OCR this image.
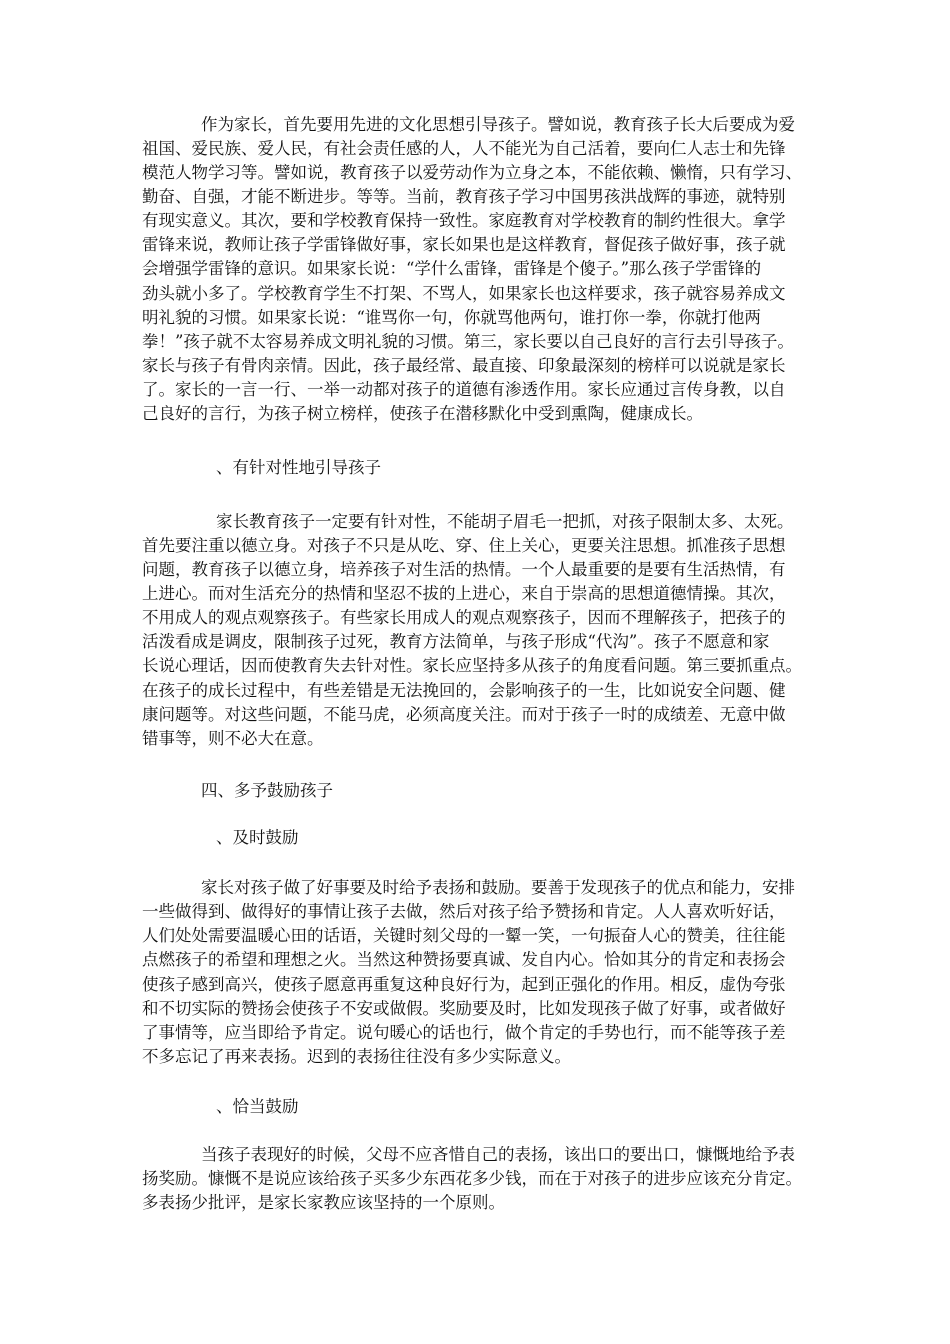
作为家长，首先要用先进的文化思想引导孩子。譬如说，教育孩子长大后要成为爱
祖国、爱民族、爱人民，有社会责任感的人，人不能光为自己活着，要向仁人志士和先锋
模范人物学习等。譬如说，教育孩子以爱劳动作为立身之本，不能依赖、懒惰，只有学习、
勤奋、自强，才能不断进步。等等。当前，教育孩子学习中国男孩洪战辉的事迹，就特别
有现实意义。其次，要和学校教育保持一致性。家庭教育对学校教育的制约性很大。拿学
雷锋来说，教师让孩子学雷锋做好事，家长如果也是这样教育，督促孩子做好事，孩子就
会增强学雷锋的意识。如果家长说：“学什么雷锋，雷锋是个傻子。”那么孩子学雷锋的
劲头就小多了。学校教育学生不打架、不骂人，如果家长也这样要求，孩子就容易养成文
明礼貌的习惯。如果家长说：“谁骂你一句，你就骂他两句，谁打你一拳，你就打他两
拳！”孩子就不太容易养成文明礼貌的习惯。第三，家长要以自己良好的言行去引导孩子。
家长与孩子有骨肉亲情。因此，孩子最经常、最直接、印象最深刻的榜样可以说就是家长
了。家长的一言一行、一举一动都对孩子的道德有渗透作用。家长应通过言传身教，以自
己良好的言行，为孩子树立榜样，使孩子在潜移默化中受到熏陶，健康成长。
、有针对性地引导孩子
家长教育孩子一定要有针对性，不能胡子眉毛一把抓，对孩子限制太多、太死。
首先要注重以德立身。对孩子不只是从吃、穿、住上关心，更要关注思想。抓准孩子思想
问题，教育孩子以德立身，培养孩子对生活的热情。一个人最重要的是要有生活热情，有
上进心。而对生活充分的热情和坚忍不拔的上进心，来自于崇高的思想道德情操。其次，
不用成人的观点观察孩子。有些家长用成人的观点观察孩子，因而不理解孩子，把孩子的
活泼看成是调皮，限制孩子过死，教育方法简单，与孩子形成“代沟”。孩子不愿意和家
长说心理话，因而使教育失去针对性。家长应坚持多从孩子的角度看问题。第三要抓重点。
在孩子的成长过程中，有些差错是无法挽回的，会影响孩子的一生，比如说安全问题、健
康问题等。对这些问题，不能马虎，必须高度关注。而对于孩子一时的成绩差、无意中做
错事等，则不必大在意。
四、多予鼓励孩子
、及时鼓励
家长对孩子做了好事要及时给予表扬和鼓励。要善于发现孩子的优点和能力，安排
一些做得到、做得好的事情让孩子去做，然后对孩子给予赞扬和肯定。人人喜欢听好话，
人们处处需要温暖心田的话语，关键时刻父母的一颦一笑，一句振奋人心的赞美，往往能
点燃孩子的希望和理想之火。当然这种赞扬要真诚、发自内心。恰如其分的肯定和表扬会
使孩子感到高兴，使孩子愿意再重复这种良好行为，起到正强化的作用。相反，虚伪夸张
和不切实际的赞扬会使孩子不安或做假。奖励要及时，比如发现孩子做了好事，或者做好
了事情等，应当即给予肯定。说句暖心的话也行，做个肯定的手势也行，而不能等孩子差
不多忘记了再来表扬。迟到的表扬往往没有多少实际意义。
、恰当鼓励
当孩子表现好的时候，父母不应吝惜自己的表扬，该出口的要出口，慷慨地给予表
扬奖励。慷慨不是说应该给孩子买多少东西花多少钱，而在于对孩子的进步应该充分肯定。
多表扬少批评，是家长家教应该坚持的一个原则。
